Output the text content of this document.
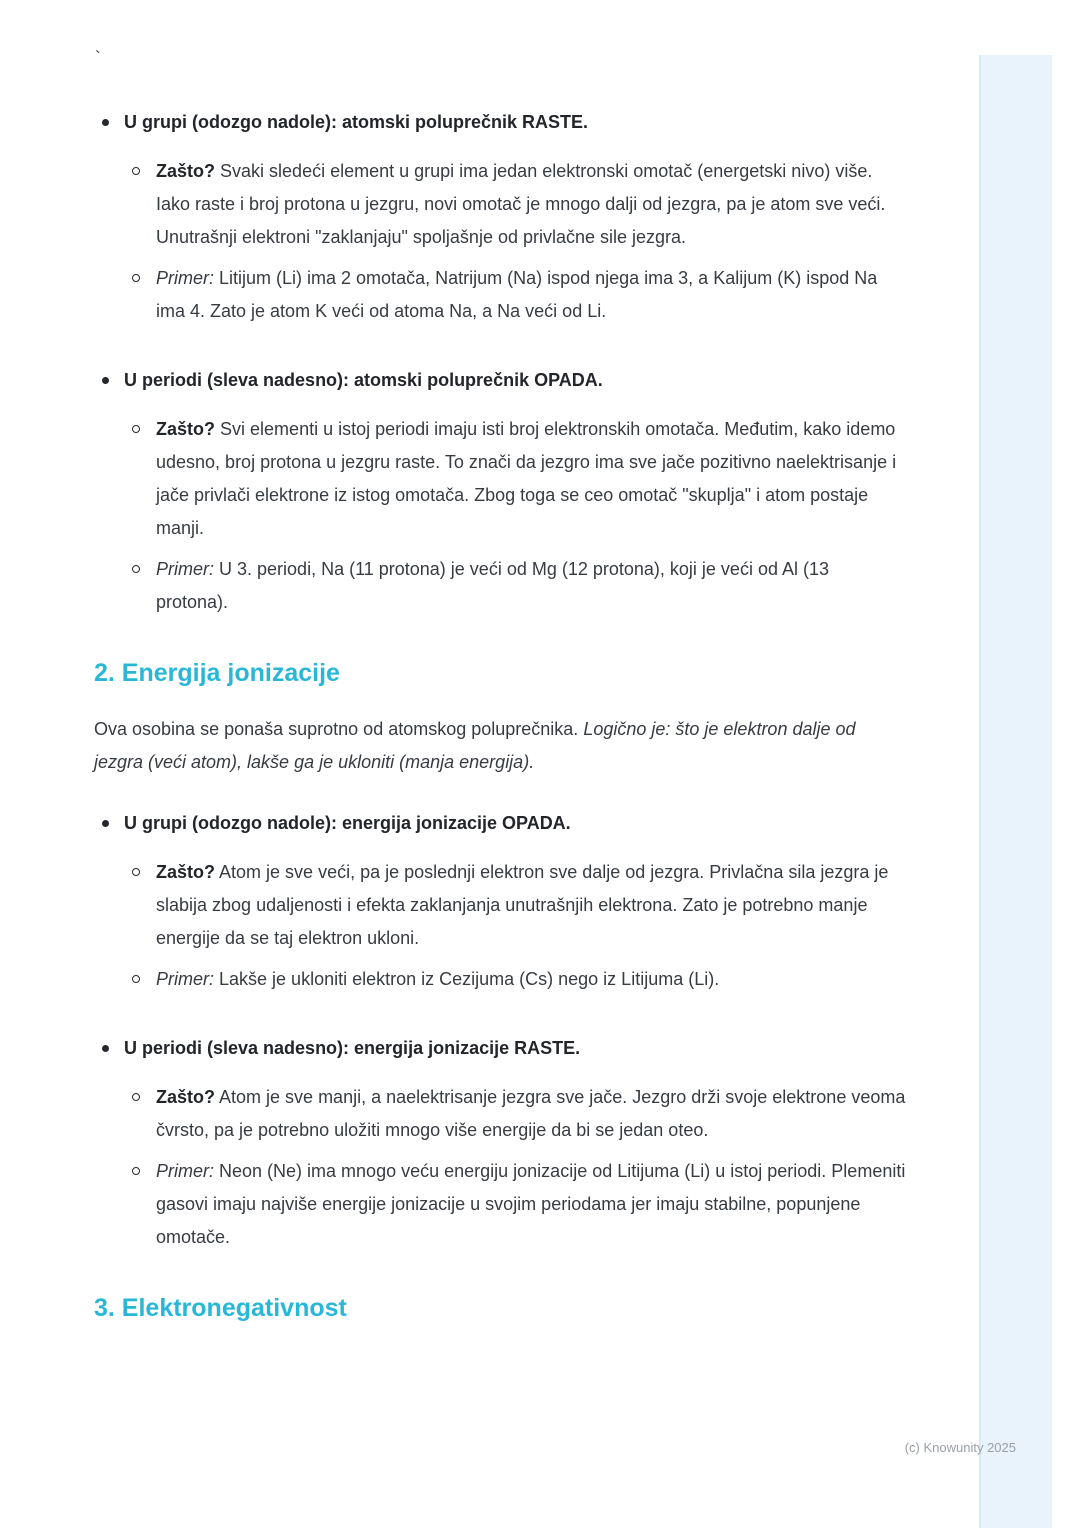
`

U grupi (odozgo nadole): atomski poluprečnik RASTE.

Zašto? Svaki sledeći element u grupi ima jedan elektronski omotač (energetski nivo) više. Iako raste i broj protona u jezgru, novi omotač je mnogo dalji od jezgra, pa je atom sve veći. Unutrašnji elektroni "zaklanjaju" spoljašnje od privlačne sile jezgra.

Primer: Litijum (Li) ima 2 omotača, Natrijum (Na) ispod njega ima 3, a Kalijum (K) ispod Na ima 4. Zato je atom K veći od atoma Na, a Na veći od Li.

U periodi (sleva nadesno): atomski poluprečnik OPADA.

Zašto? Svi elementi u istoj periodi imaju isti broj elektronskih omotača. Međutim, kako idemo udesno, broj protona u jezgru raste. To znači da jezgro ima sve jače pozitivno naelektrisanje i jače privlači elektrone iz istog omotača. Zbog toga se ceo omotač "skuplja" i atom postaje manji.

Primer: U 3. periodi, Na (11 protona) je veći od Mg (12 protona), koji je veći od Al (13 protona).

2. Energija jonizacije

Ova osobina se ponaša suprotno od atomskog poluprečnika. Logično je: što je elektron dalje od jezgra (veći atom), lakše ga je ukloniti (manja energija).

U grupi (odozgo nadole): energija jonizacije OPADA.

Zašto? Atom je sve veći, pa je poslednji elektron sve dalje od jezgra. Privlačna sila jezgra je slabija zbog udaljenosti i efekta zaklanjanja unutrašnjih elektrona. Zato je potrebno manje energije da se taj elektron ukloni.

Primer: Lakše je ukloniti elektron iz Cezijuma (Cs) nego iz Litijuma (Li).

U periodi (sleva nadesno): energija jonizacije RASTE.

Zašto? Atom je sve manji, a naelektrisanje jezgra sve jače. Jezgro drži svoje elektrone veoma čvrsto, pa je potrebno uložiti mnogo više energije da bi se jedan oteo.

Primer: Neon (Ne) ima mnogo veću energiju jonizacije od Litijuma (Li) u istoj periodi. Plemeniti gasovi imaju najviše energije jonizacije u svojim periodama jer imaju stabilne, popunjene omotače.

3. Elektronegativnost
(c) Knowunity 2025
